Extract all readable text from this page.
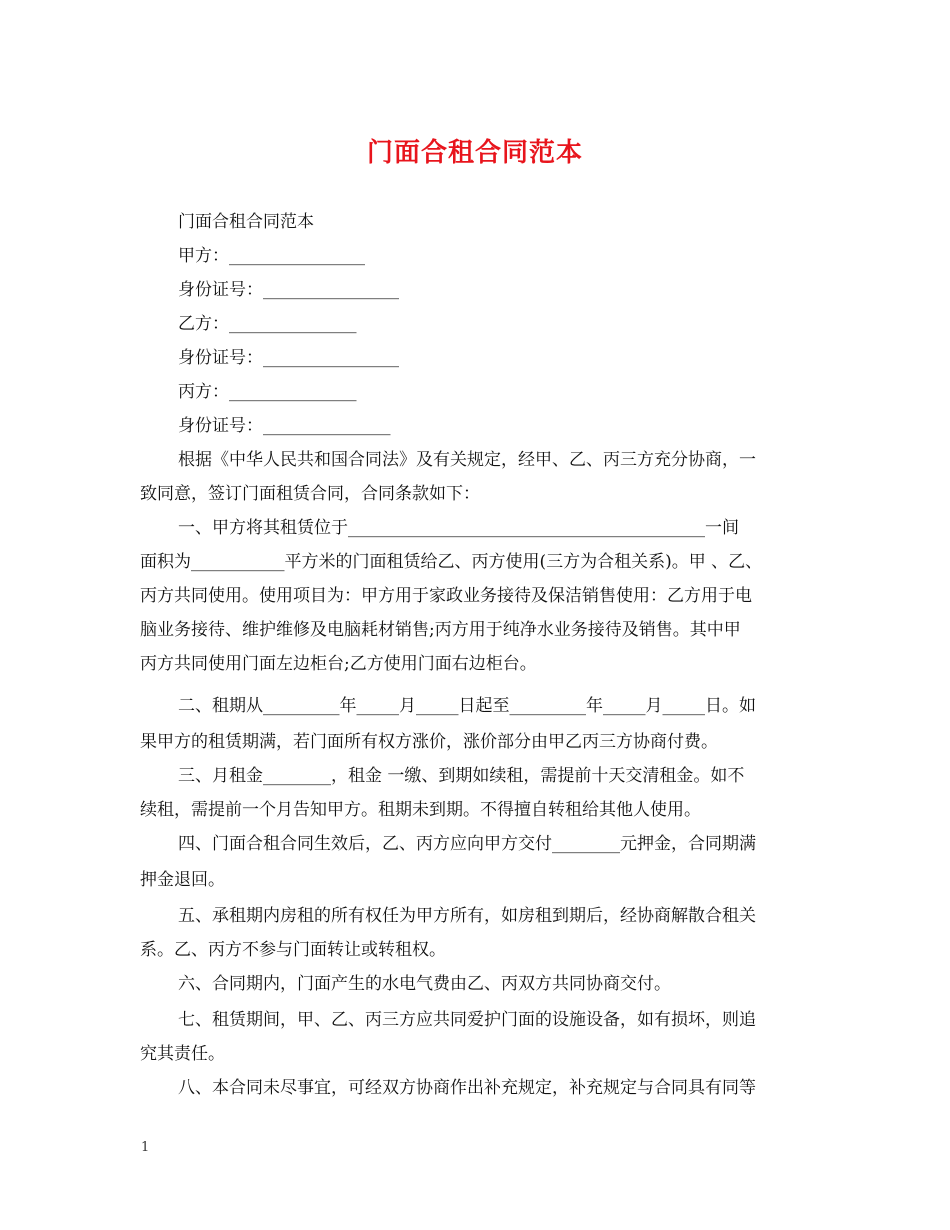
门面合租合同范本
门面合租合同范本
甲方：________________
身份证号：________________
乙方：_______________
身份证号：________________
丙方：_______________
身份证号：_______________
根据《中华人民共和国合同法》及有关规定，经甲、乙、丙三方充分协商，一
致同意，签订门面租赁合同，合同条款如下：
一、甲方将其租赁位于__________________________________________一间
面积为___________平方米的门面租赁给乙、丙方使用(三方为合租关系)。甲 、乙、
丙方共同使用。使用项目为：甲方用于家政业务接待及保洁销售使用：乙方用于电
脑业务接待、维护维修及电脑耗材销售;丙方用于纯净水业务接待及销售。其中甲
丙方共同使用门面左边柜台;乙方使用门面右边柜台。
二、租期从_________年_____月_____日起至_________年_____月_____日。如
果甲方的租赁期满，若门面所有权方涨价，涨价部分由甲乙丙三方协商付费。
三、月租金________，租金 一缴、到期如续租，需提前十天交清租金。如不
续租，需提前一个月告知甲方。租期未到期。不得擅自转租给其他人使用。
四、门面合租合同生效后，乙、丙方应向甲方交付________元押金，合同期满
押金退回。
五、承租期内房租的所有权任为甲方所有，如房租到期后，经协商解散合租关
系。乙、丙方不参与门面转让或转租权。
六、合同期内，门面产生的水电气费由乙、丙双方共同协商交付。
七、租赁期间，甲、乙、丙三方应共同爱护门面的设施设备，如有损坏，则追
究其责任。
八、本合同未尽事宜，可经双方协商作出补充规定，补充规定与合同具有同等
1
